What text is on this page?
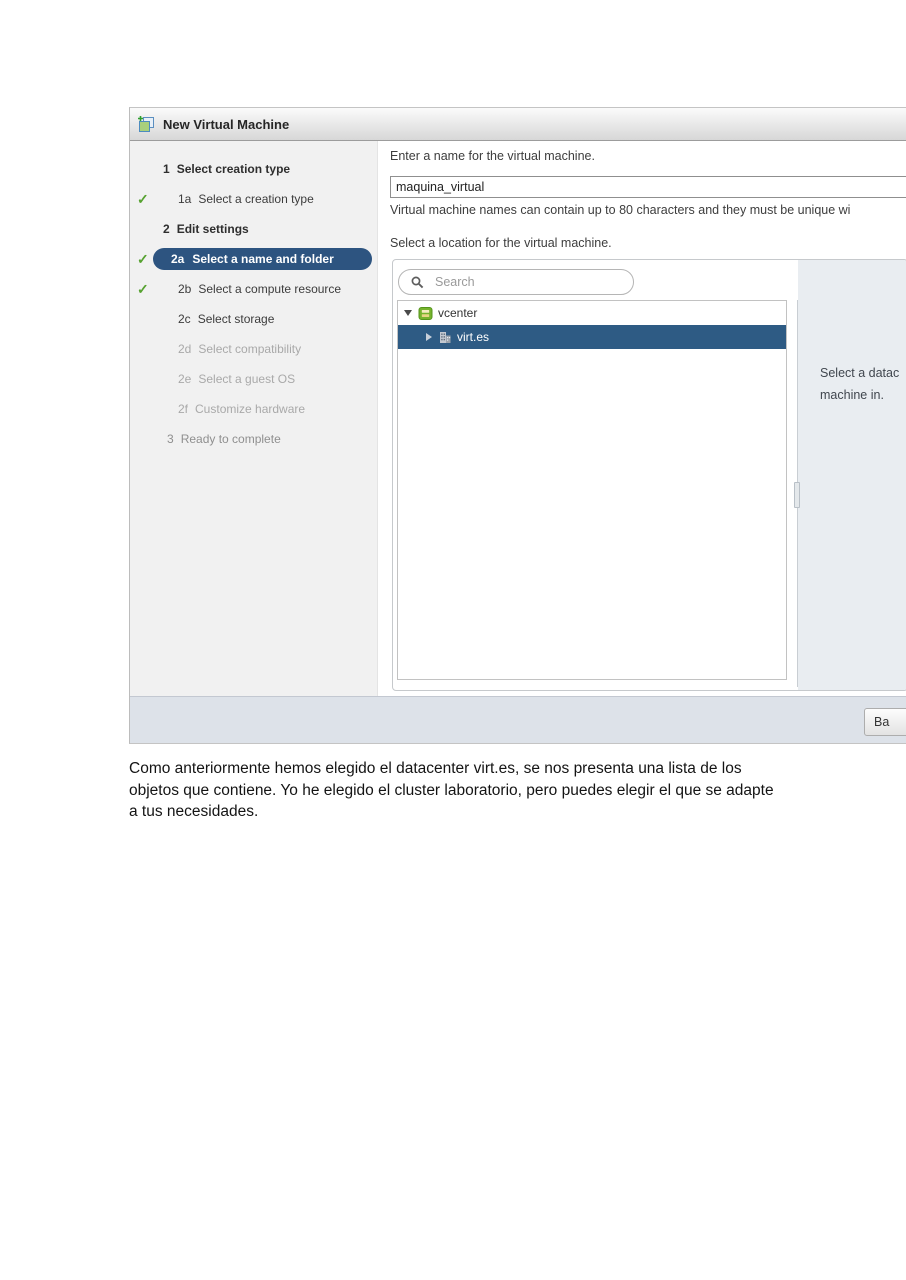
New Virtual Machine
1 Select creation type
✓ 1a Select a creation type
2 Edit settings
✓ 2a Select a name and folder
✓ 2b Select a compute resource
2c Select storage
2d Select compatibility
2e Select a guest OS
2f Customize hardware
3 Ready to complete
Enter a name for the virtual machine.
maquina_virtual
Virtual machine names can contain up to 80 characters and they must be unique wi
Select a location for the virtual machine.
Select a datac
machine in.
Search
vcenter
virt.es
Ba
Como anteriormente hemos elegido el datacenter virt.es, se nos presenta una lista de los objetos que contiene. Yo he elegido el cluster laboratorio, pero puedes elegir el que se adapte a tus necesidades.
